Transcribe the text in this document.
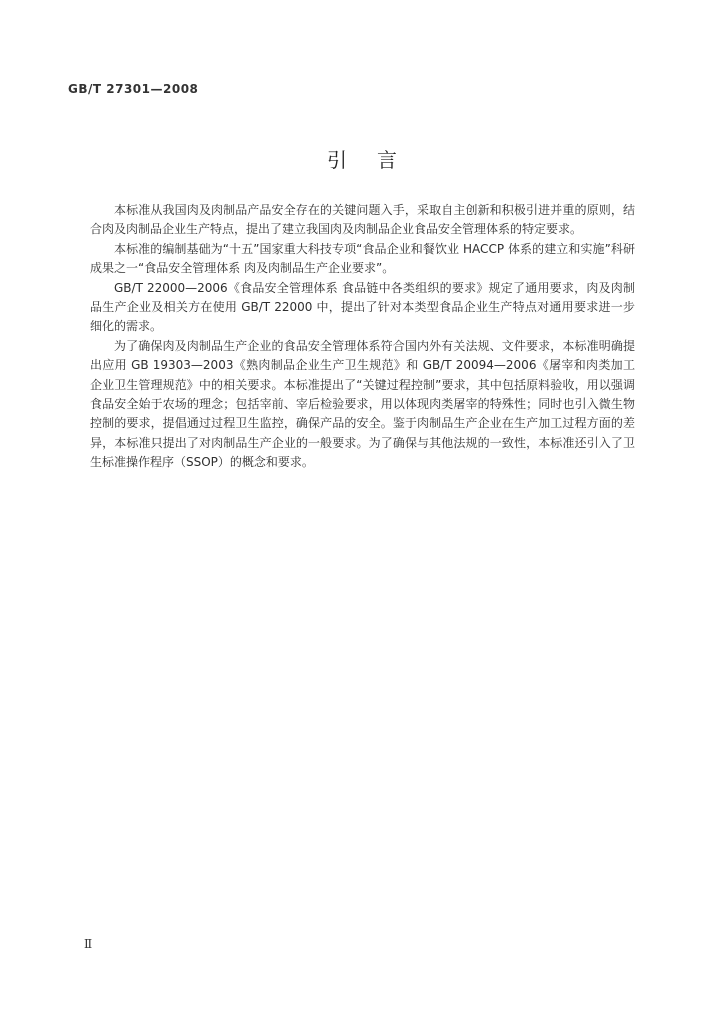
GB/T 27301—2008
引言

本标准从我国肉及肉制品产品安全存在的关键问题入手，采取自主创新和积极引进并重的原则，结合肉及肉制品企业生产特点，提出了建立我国肉及肉制品企业食品安全管理体系的特定要求。

本标准的编制基础为“十五”国家重大科技专项“食品企业和餐饮业 HACCP 体系的建立和实施”科研成果之一“食品安全管理体系 肉及肉制品生产企业要求”。

GB/T 22000—2006《食品安全管理体系 食品链中各类组织的要求》规定了通用要求，肉及肉制品生产企业及相关方在使用 GB/T 22000 中，提出了针对本类型食品企业生产特点对通用要求进一步细化的需求。

为了确保肉及肉制品生产企业的食品安全管理体系符合国内外有关法规、文件要求，本标准明确提出应用 GB 19303—2003《熟肉制品企业生产卫生规范》和 GB/T 20094—2006《屠宰和肉类加工企业卫生管理规范》中的相关要求。本标准提出了“关键过程控制”要求，其中包括原料验收，用以强调食品安全始于农场的理念；包括宰前、宰后检验要求，用以体现肉类屠宰的特殊性；同时也引入微生物控制的要求，提倡通过过程卫生监控，确保产品的安全。鉴于肉制品生产企业在生产加工过程方面的差异，本标准只提出了对肉制品生产企业的一般要求。为了确保与其他法规的一致性，本标准还引入了卫生标准操作程序（SSOP）的概念和要求。

Ⅱ
